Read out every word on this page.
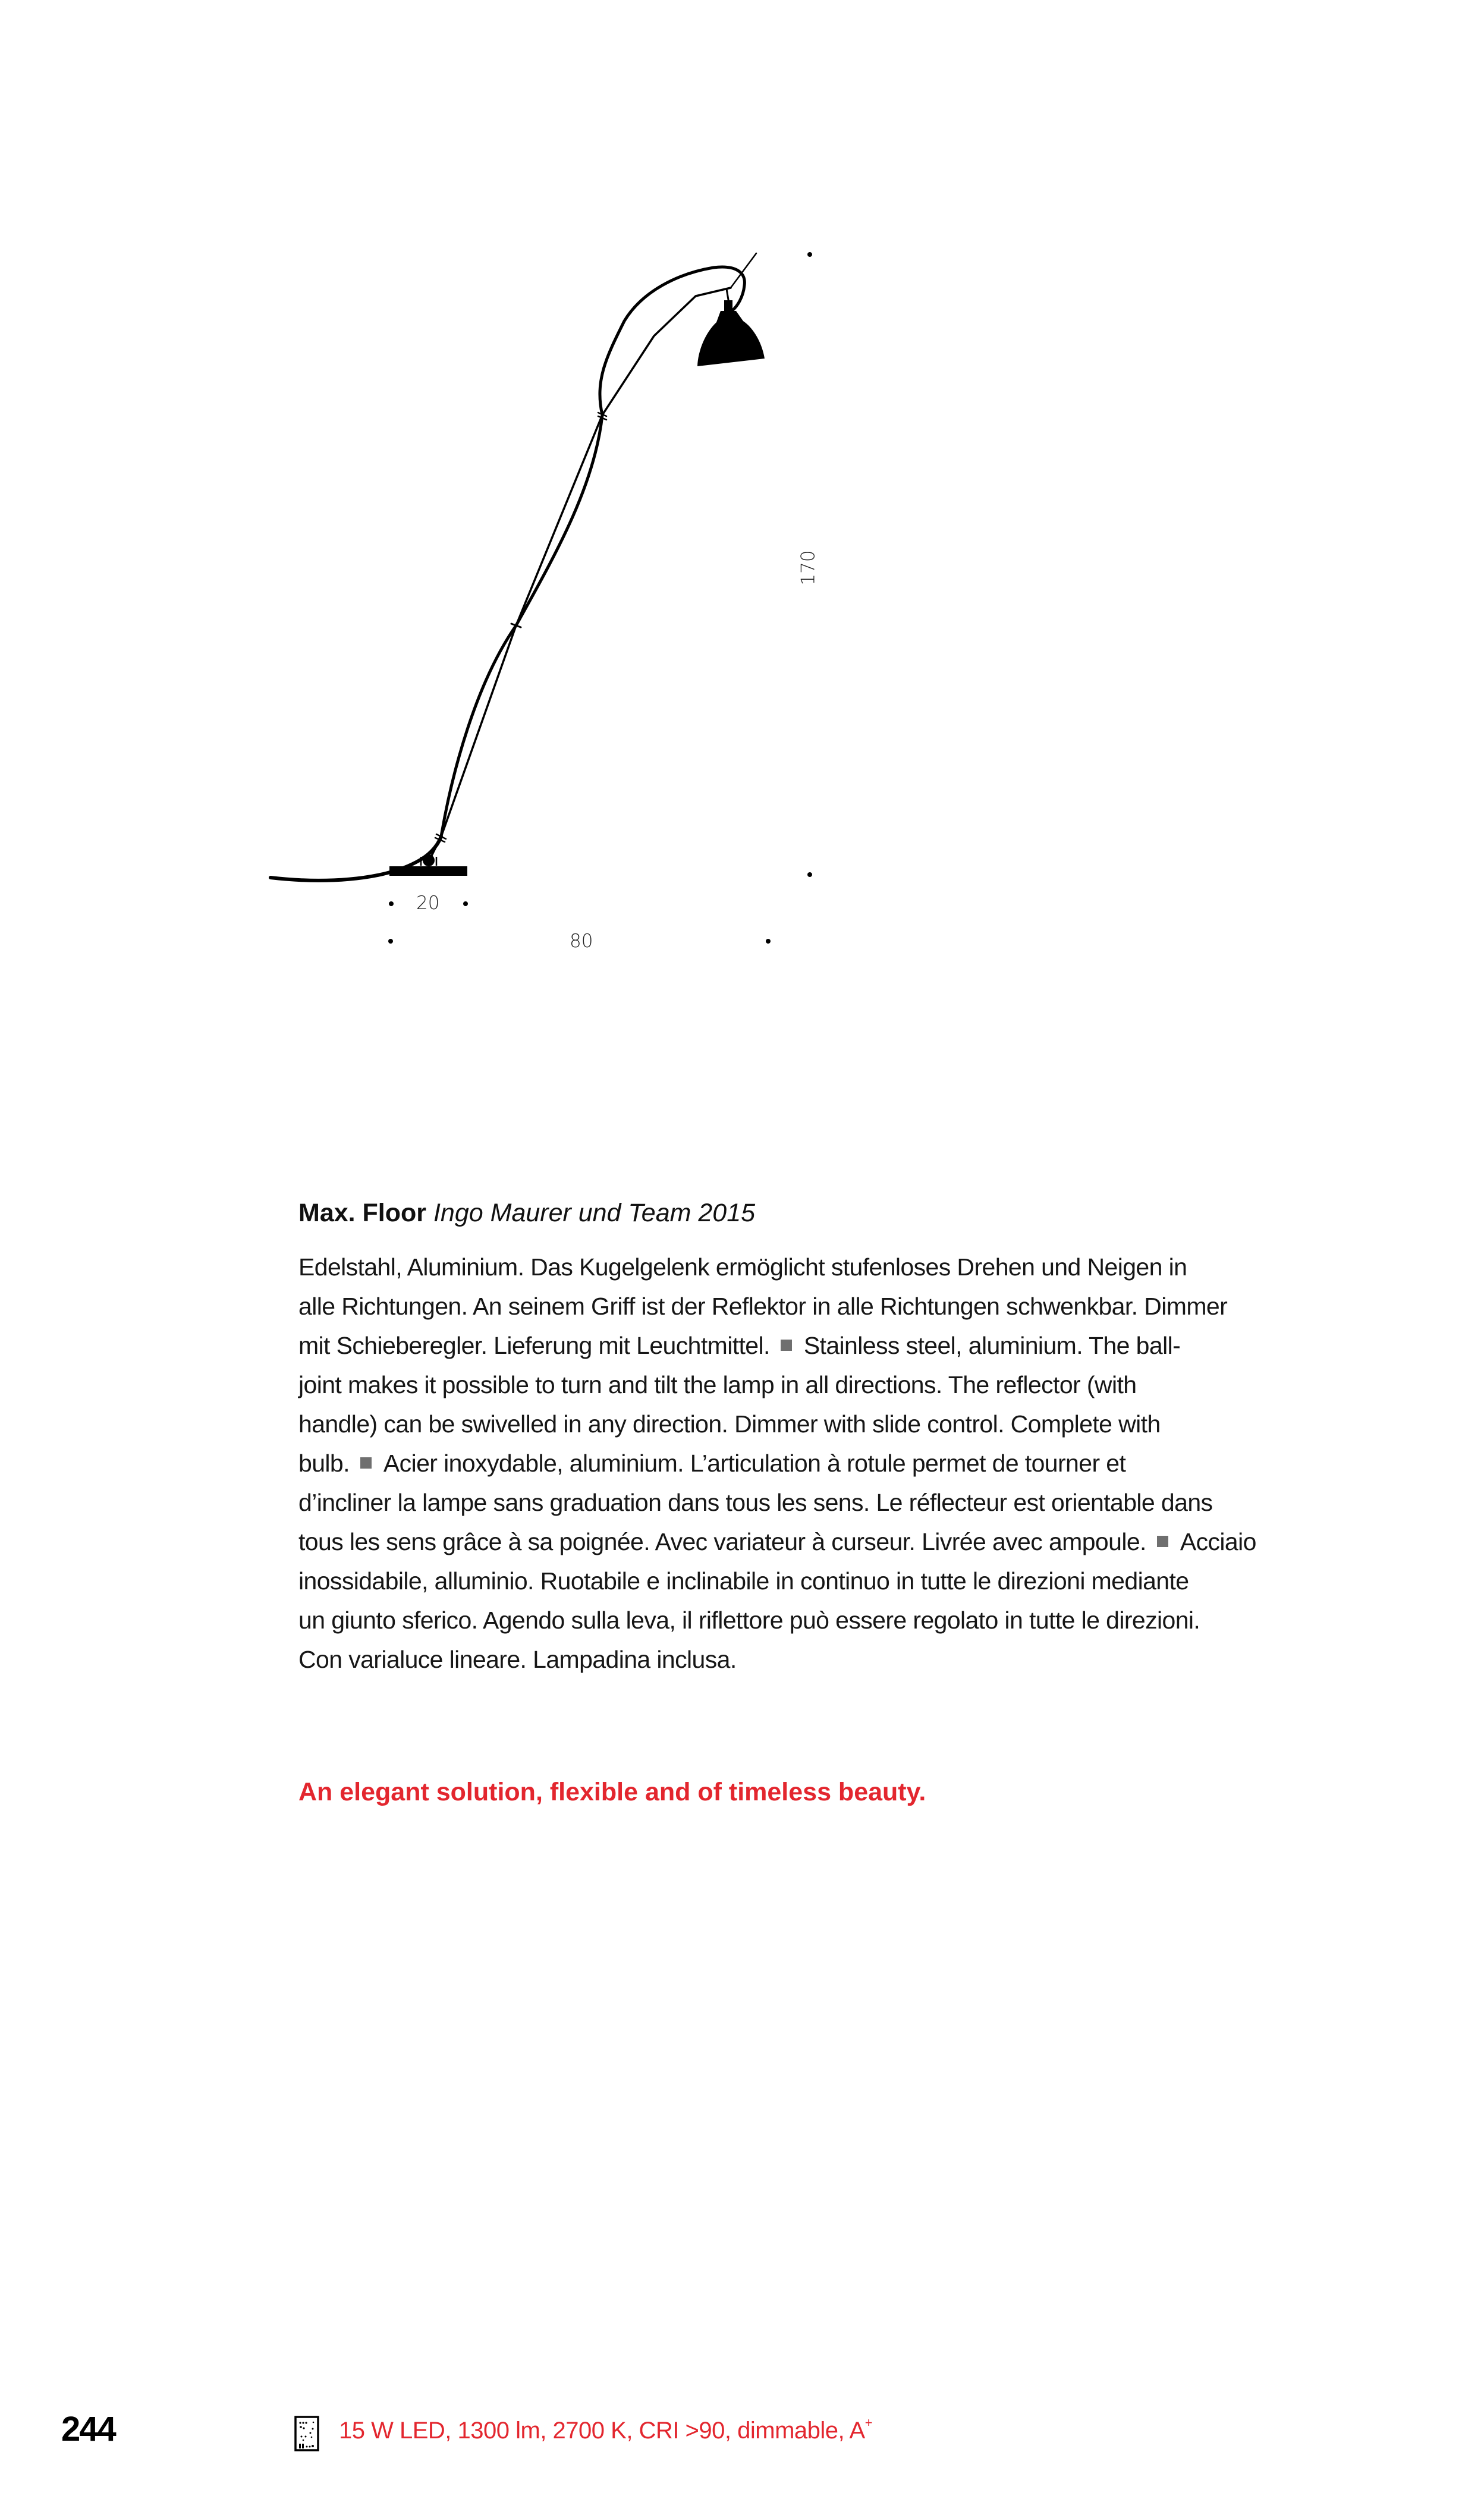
20
80
170

Max. Floor Ingo Maurer und Team 2015

Edelstahl, Aluminium. Das Kugelgelenk ermöglicht stufenloses Drehen und Neigen in
alle Richtungen. An seinem Griff ist der Reflektor in alle Richtungen schwenkbar. Dimmer
mit Schieberegler. Lieferung mit Leuchtmittel. Stainless steel, aluminium. The ball-
joint makes it possible to turn and tilt the lamp in all directions. The reflector (with
handle) can be swivelled in any direction. Dimmer with slide control. Complete with
bulb. Acier inoxydable, aluminium. L’articulation à rotule permet de tourner et
d’incliner la lampe sans graduation dans tous les sens. Le réflecteur est orientable dans
tous les sens grâce à sa poignée. Avec variateur à curseur. Livrée avec ampoule. Acciaio
inossidabile, alluminio. Ruotabile e inclinabile in continuo in tutte le direzioni mediante
un giunto sferico. Agendo sulla leva, il riflettore può essere regolato in tutte le direzioni.
Con varialuce lineare. Lampadina inclusa.
An elegant solution, flexible and of timeless beauty.
244	15 W LED, 1300 lm, 2700 K, CRI >90, dimmable, A+
